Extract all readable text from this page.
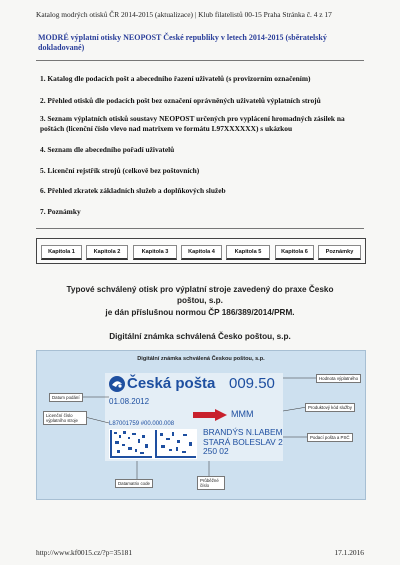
Katalog modrých otisků ČR 2014-2015 (aktualizace) | Klub filatelistů 00-15 Praha Stránka č. 4 z 17
MODRÉ výplatní otisky NEOPOST České republiky v letech 2014-2015 (sběratelský dokladované)
1. Katalog dle podacích pošt a abecedního řazení uživatelů (s provizorním označením)
2. Přehled otisků dle podacích pošt bez označení oprávněných uživatelů výplatních strojů
3. Seznam výplatních otisků soustavy NEOPOST určených pro vyplácení hromadných zásilek na poštách (licenční číslo vlevo nad matrixem ve formátu L97XXXXXX) s ukázkou
4. Seznam dle abecedního pořadí uživatelů
5. Licenční rejstřík strojů (celkově bez poštovních)
6. Přehled zkratek základních služeb a doplňkových služeb
7. Poznámky
Kapitola 1	Kapitola 2	Kapitola 3	Kapitola 4	Kapitola 5	Kapitola 6	Poznámky
Typové schválený otisk pro výplatní stroje zavedený do praxe Česko
poštou, s.p.
je dán příslušnou normou ČP 186/389/2014/PRM.
Digitální známka schválená Česko poštou, s.p.
Digitální známka schválená Českou poštou, s.p.
Česká pošta 009.50
01.08.2012
MMM
L87001759 #00.000.008
BRANDÝS N.LABEM
STARÁ BOLESLAV 2
250 02
Datum podání
Licenční číslo výplatního stroje
Hodnota výplatného
Produktový kód služby
Podací pošta a PSČ
Datamatrix code
Průběžné číslo
http://www.kf0015.cz/?p=35181	17.1.2016
